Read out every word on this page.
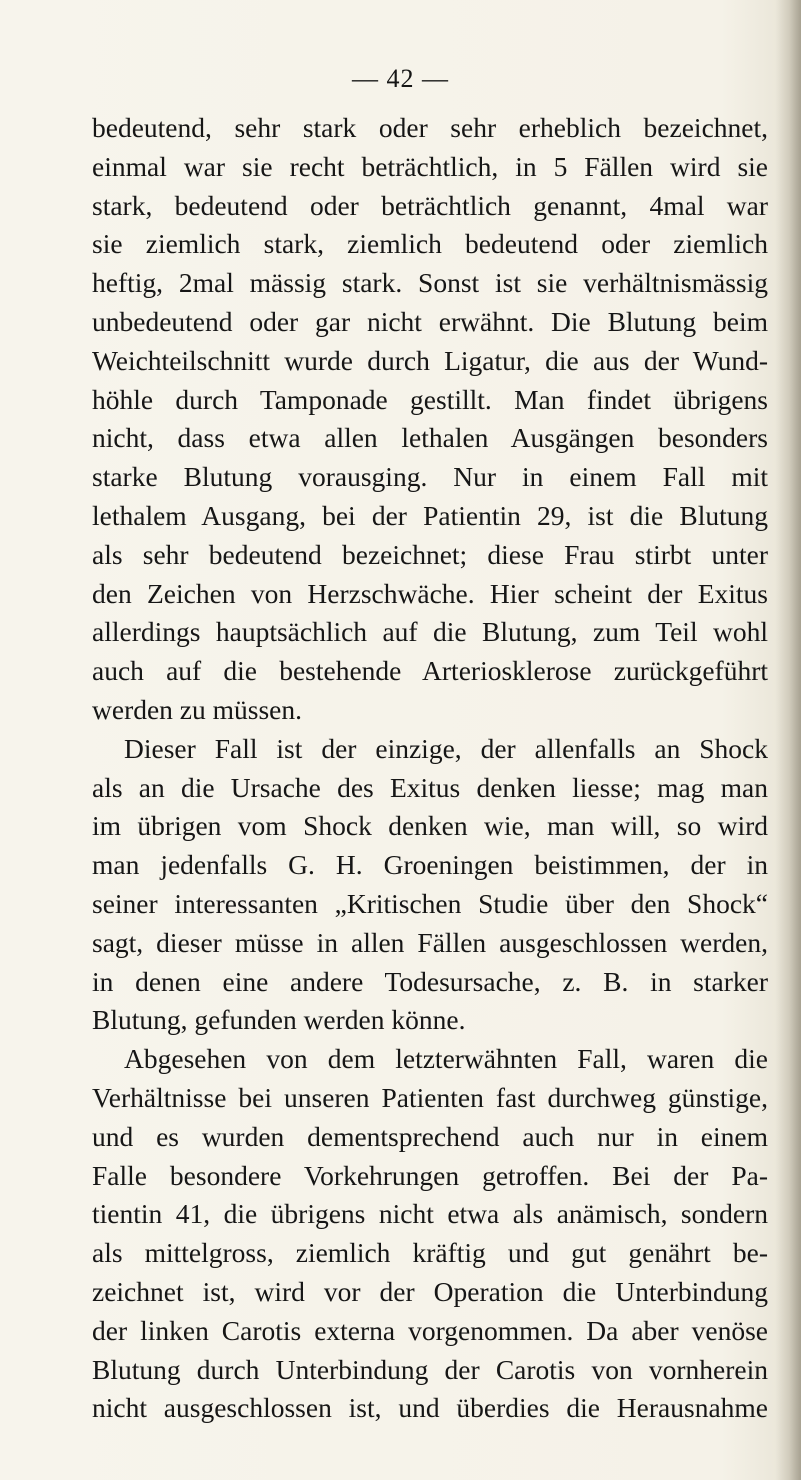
— 42 —
bedeutend, sehr stark oder sehr erheblich bezeichnet,
einmal war sie recht beträchtlich, in 5 Fällen wird sie
stark, bedeutend oder beträchtlich genannt, 4mal war
sie ziemlich stark, ziemlich bedeutend oder ziemlich
heftig, 2mal mässig stark. Sonst ist sie verhältnismässig
unbedeutend oder gar nicht erwähnt. Die Blutung beim
Weichteilschnitt wurde durch Ligatur, die aus der Wund-
höhle durch Tamponade gestillt. Man findet übrigens
nicht, dass etwa allen lethalen Ausgängen besonders
starke Blutung vorausging. Nur in einem Fall mit
lethalem Ausgang, bei der Patientin 29, ist die Blutung
als sehr bedeutend bezeichnet; diese Frau stirbt unter
den Zeichen von Herzschwäche. Hier scheint der Exitus
allerdings hauptsächlich auf die Blutung, zum Teil wohl
auch auf die bestehende Arteriosklerose zurückgeführt
werden zu müssen.
Dieser Fall ist der einzige, der allenfalls an Shock
als an die Ursache des Exitus denken liesse; mag man
im übrigen vom Shock denken wie, man will, so wird
man jedenfalls G. H. Groeningen beistimmen, der in
seiner interessanten „Kritischen Studie über den Shock“
sagt, dieser müsse in allen Fällen ausgeschlossen werden,
in denen eine andere Todesursache, z. B. in starker
Blutung, gefunden werden könne.
Abgesehen von dem letzterwähnten Fall, waren die
Verhältnisse bei unseren Patienten fast durchweg günstige,
und es wurden dementsprechend auch nur in einem
Falle besondere Vorkehrungen getroffen. Bei der Pa-
tientin 41, die übrigens nicht etwa als anämisch, sondern
als mittelgross, ziemlich kräftig und gut genährt be-
zeichnet ist, wird vor der Operation die Unterbindung
der linken Carotis externa vorgenommen. Da aber venöse
Blutung durch Unterbindung der Carotis von vornherein
nicht ausgeschlossen ist, und überdies die Herausnahme
